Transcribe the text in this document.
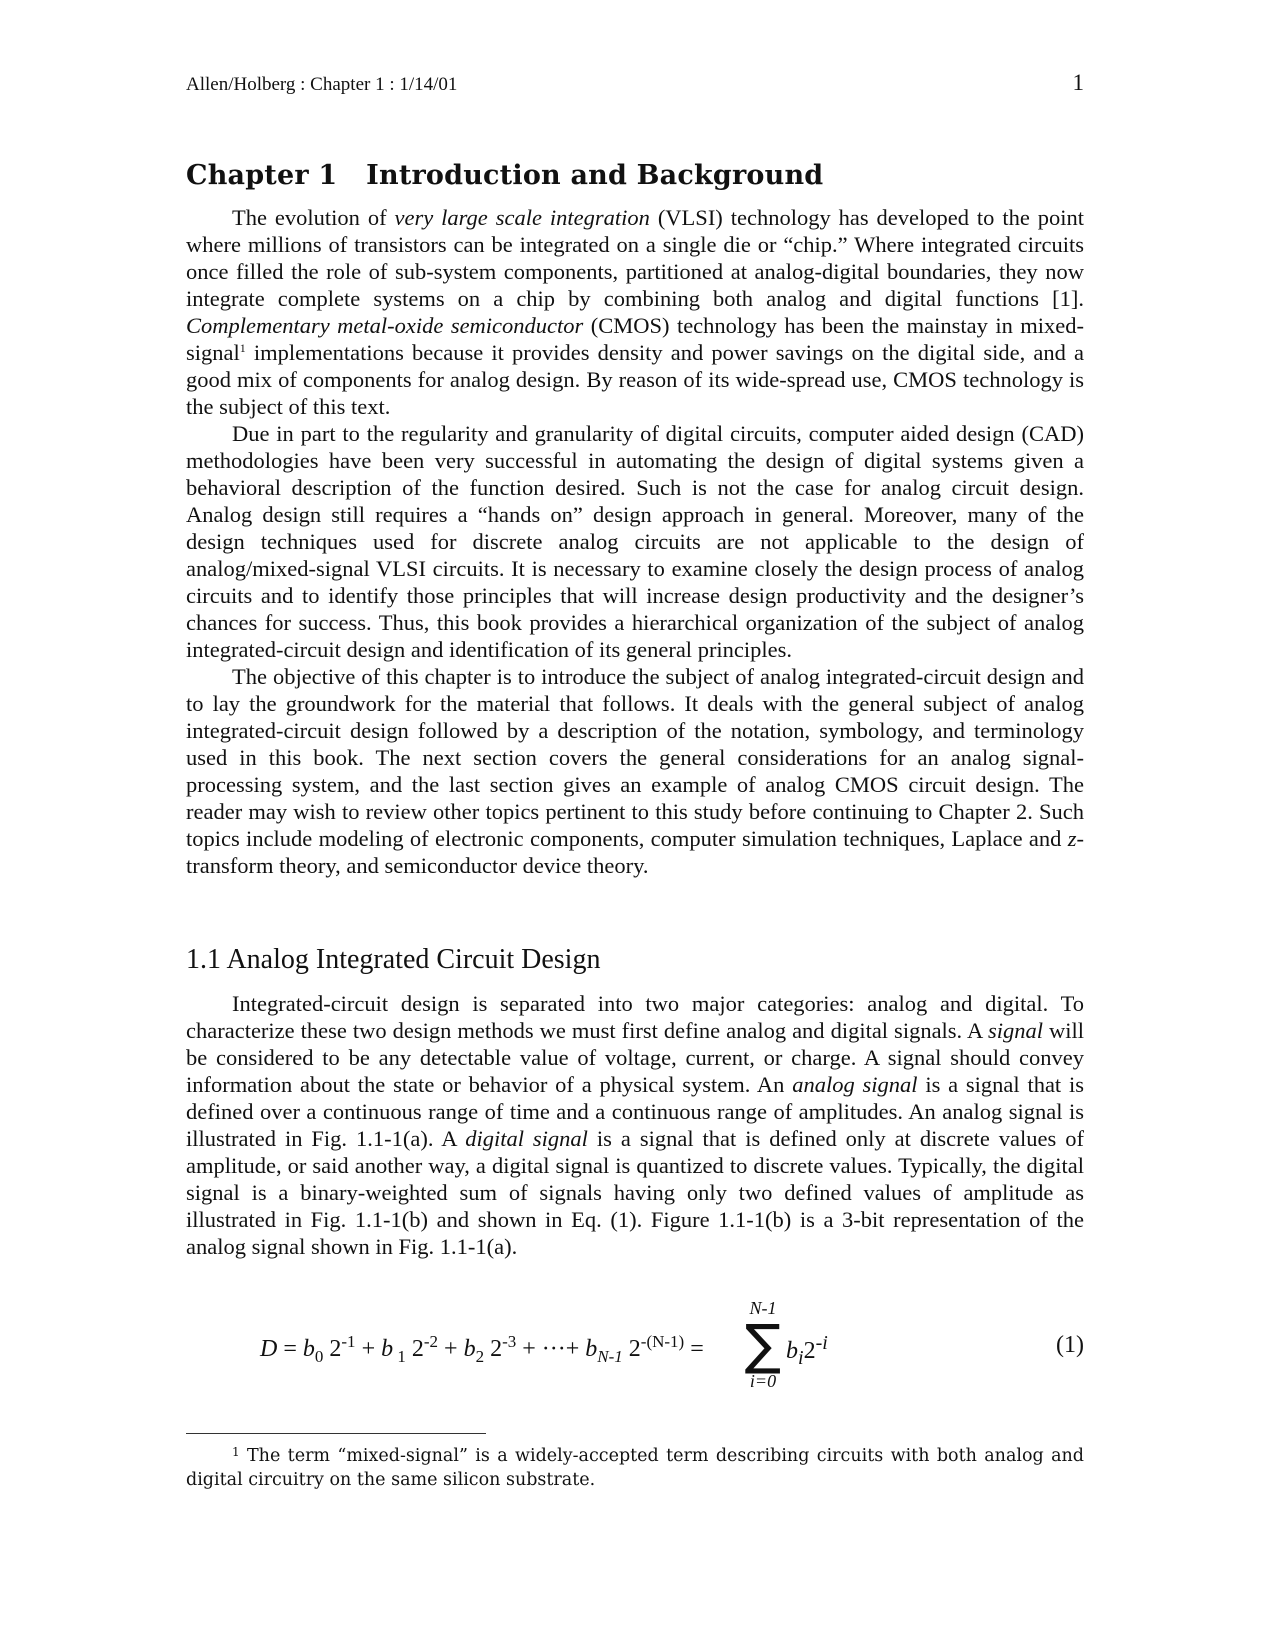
Allen/Holberg : Chapter 1 : 1/14/01	1
Chapter 1 Introduction and Background

The evolution of very large scale integration (VLSI) technology has developed to the point where millions of transistors can be integrated on a single die or “chip.” Where integrated circuits once filled the role of sub-system components, partitioned at analog-digital boundaries, they now integrate complete systems on a chip by combining both analog and digital functions [1]. Complementary metal-oxide semiconductor (CMOS) technology has been the mainstay in mixed-signal$^1$ implementations because it provides density and power savings on the digital side, and a good mix of components for analog design. By reason of its wide-spread use, CMOS technology is the subject of this text.

Due in part to the regularity and granularity of digital circuits, computer aided design (CAD) methodologies have been very successful in automating the design of digital systems given a behavioral description of the function desired. Such is not the case for analog circuit design. Analog design still requires a “hands on” design approach in general. Moreover, many of the design techniques used for discrete analog circuits are not applicable to the design of analog/mixed-signal VLSI circuits. It is necessary to examine closely the design process of analog circuits and to identify those principles that will increase design productivity and the designer’s chances for success. Thus, this book provides a hierarchical organization of the subject of analog integrated-circuit design and identification of its general principles.

The objective of this chapter is to introduce the subject of analog integrated-circuit design and to lay the groundwork for the material that follows. It deals with the general subject of analog integrated-circuit design followed by a description of the notation, symbology, and terminology used in this book. The next section covers the general considerations for an analog signal-processing system, and the last section gives an example of analog CMOS circuit design. The reader may wish to review other topics pertinent to this study before continuing to Chapter 2. Such topics include modeling of electronic components, computer simulation techniques, Laplace and z-transform theory, and semiconductor device theory.

1.1 Analog Integrated Circuit Design

Integrated-circuit design is separated into two major categories: analog and digital. To characterize these two design methods we must first define analog and digital signals. A signal will be considered to be any detectable value of voltage, current, or charge. A signal should convey information about the state or behavior of a physical system. An analog signal is a signal that is defined over a continuous range of time and a continuous range of amplitudes. An analog signal is illustrated in Fig. 1.1-1(a). A digital signal is a signal that is defined only at discrete values of amplitude, or said another way, a digital signal is quantized to discrete values. Typically, the digital signal is a binary-weighted sum of signals having only two defined values of amplitude as illustrated in Fig. 1.1-1(b) and shown in Eq. (1). Figure 1.1-1(b) is a 3-bit representation of the analog signal shown in Fig. 1.1-1(a).

$D = b_0$ $2^{-1} + b$ $_1$ $2^{-2} + b_2$ $2^{-3}$ + ···+ $b_{N-1}$ $2^{-(N-1)}$ =
N-1
∑
i=0
$b_i2^{-i}$	(1)

$^1$ The term “mixed-signal” is a widely-accepted term describing circuits with both analog and digital circuitry on the same silicon substrate.
